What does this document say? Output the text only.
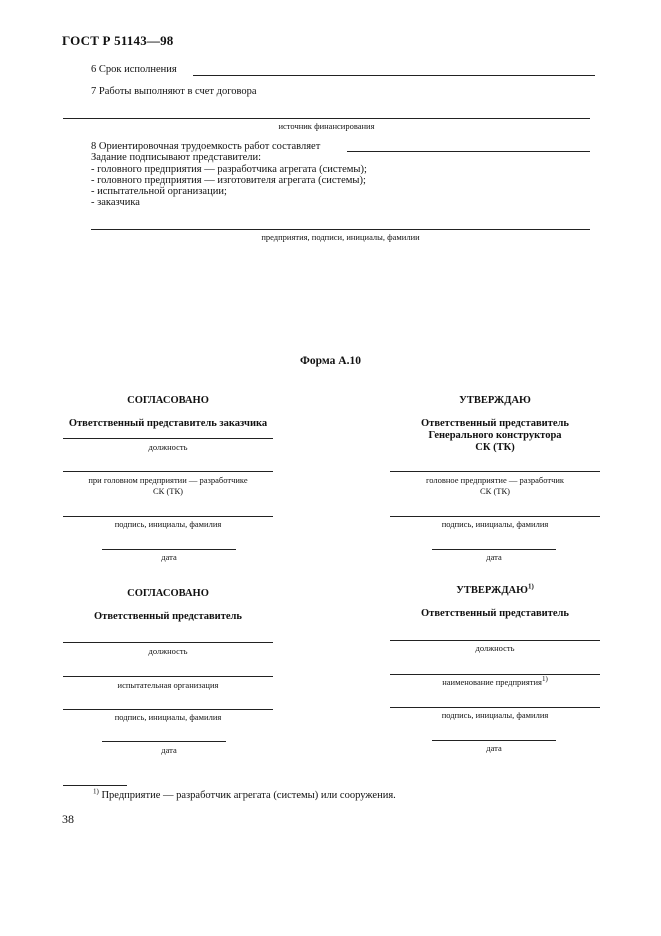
ГОСТ Р 51143—98
6 Срок исполнения
7 Работы выполняют в счет договора
источник финансирования
8 Ориентировочная трудоемкость работ составляет
Задание подписывают представители:
- головного предприятия — разработчика агрегата (системы);
- головного предприятия — изготовителя агрегата (системы);
- испытательной организации;
- заказчика
предприятия, подписи, инициалы, фамилии
Форма А.10
СОГЛАСОВАНО
Ответственный представитель заказчика
должность
при головном предприятии — разработчике
СК (ТК)
подпись, инициалы, фамилия
дата
УТВЕРЖДАЮ
Ответственный представитель
Генерального конструктора
СК (ТК)
головное предприятие — разработчик
СК (ТК)
подпись, инициалы, фамилия
дата
СОГЛАСОВАНО
Ответственный представитель
должность
испытательная организация
подпись, инициалы, фамилия
дата
УТВЕРЖДАЮ$^{1)}$
Ответственный представитель
должность
наименование предприятия$^{1)}$
подпись, инициалы, фамилия
дата
$^{1)}$ Предприятие — разработчик агрегата (системы) или сооружения.
38
